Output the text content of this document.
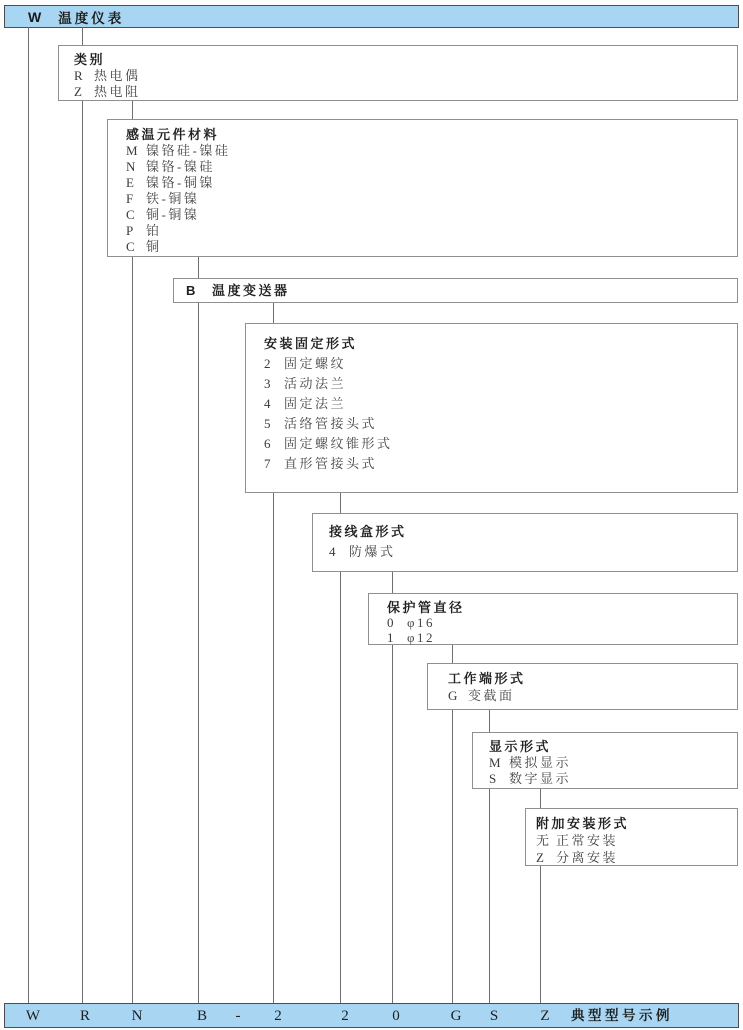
W	温度仪表
类别
R 热电偶
Z 热电阻
感温元件材料
M 镍铬硅-镍硅
N 镍铬-镍硅
E 镍铬-铜镍
F 铁-铜镍
C 铜-铜镍
P 铂
C 铜
B 温度变送器
安装固定形式
2 固定螺纹
3 活动法兰
4 固定法兰
5 活络管接头式
6 固定螺纹锥形式
7 直形管接头式
接线盒形式
4 防爆式
保护管直径
0 φ16
1 φ12
工作端形式
G 变截面
显示形式
M 模拟显示
S 数字显示
附加安装形式
无 正常安装
Z 分离安装
W	R	N	B	-	2	2	0	G	S	Z	典型型号示例
